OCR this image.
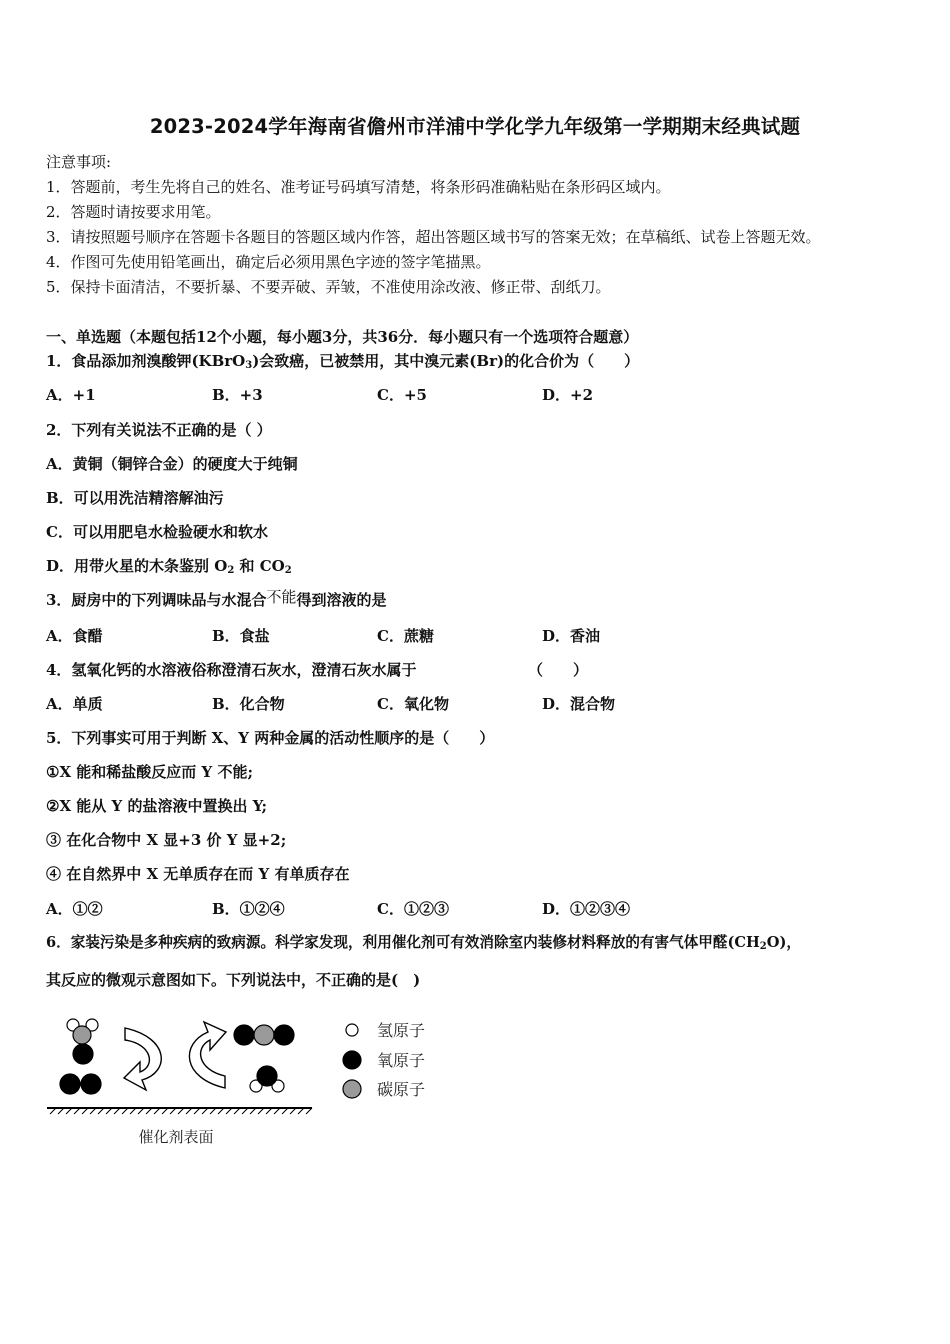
2023-2024学年海南省儋州市洋浦中学化学九年级第一学期期末经典试题
注意事项:
1．答题前，考生先将自己的姓名、准考证号码填写清楚，将条形码准确粘贴在条形码区域内。
2．答题时请按要求用笔。
3．请按照题号顺序在答题卡各题目的答题区域内作答，超出答题区域书写的答案无效；在草稿纸、试卷上答题无效。
4．作图可先使用铅笔画出，确定后必须用黑色字迹的签字笔描黑。
5．保持卡面清洁，不要折暴、不要弄破、弄皱，不准使用涂改液、修正带、刮纸刀。
一、单选题（本题包括12个小题，每小题3分，共36分．每小题只有一个选项符合题意）
1．食品添加剂溴酸钾(KBrO$_3$)会致癌，已被禁用，其中溴元素(Br)的化合价为（　　）
A．+1	B．+3	C．+5	D．+2
2．下列有关说法不正确的是（ ）
A．黄铜（铜锌合金）的硬度大于纯铜
B．可以用洗洁精溶解油污
C．可以用肥皂水检验硬水和软水
D．用带火星的木条鉴别 $O_2$ 和 $CO_2$
3．厨房中的下列调味品与水混合不能得到溶液的是
A．食醋	B．食盐	C．蔗糖	D．香油
4．氢氧化钙的水溶液俗称澄清石灰水，澄清石灰水属于	（　　）
A．单质	B．化合物	C．氧化物	D．混合物
5．下列事实可用于判断 X、Y 两种金属的活动性顺序的是（　　）
①X 能和稀盐酸反应而 Y 不能;
②X 能从 Y 的盐溶液中置换出 Y;
③ 在化合物中 X 显+3 价 Y 显+2;
④ 在自然界中 X 无单质存在而 Y 有单质存在
A．①②	B．①②④	C．①②③	D．①②③④
6．家装污染是多种疾病的致病源。科学家发现，利用催化剂可有效消除室内装修材料释放的有害气体甲醛$(CH_2O)$，
其反应的微观示意图如下。下列说法中，不正确的是(　)
催化剂表面
氢原子
氧原子
碳原子
